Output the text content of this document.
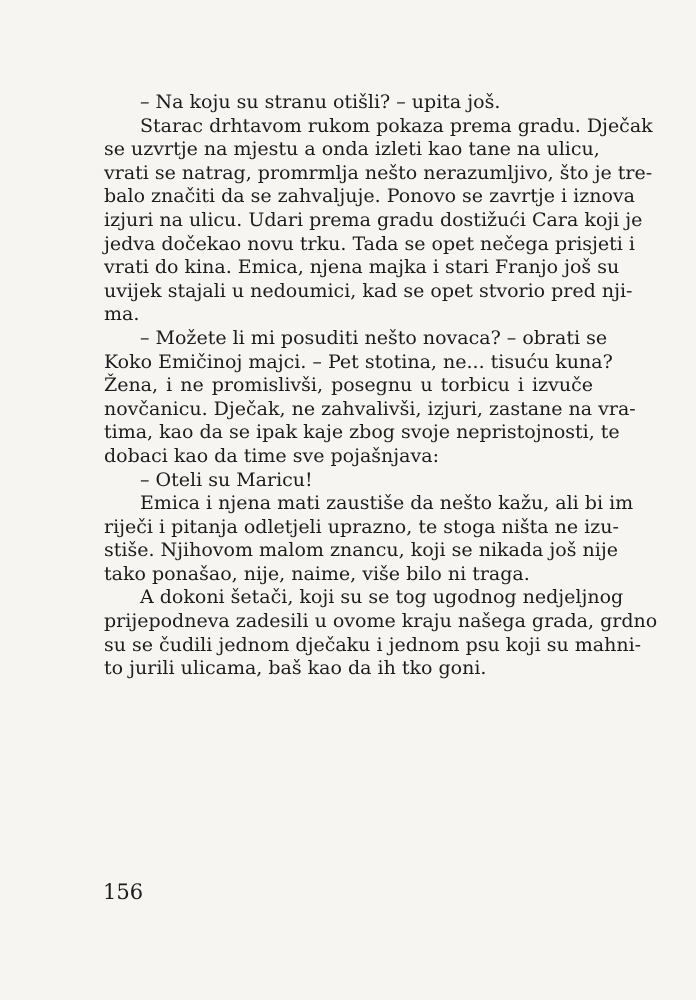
– Na koju su stranu otišli? – upita još.
Starac drhtavom rukom pokaza prema gradu. Dječak
se uzvrtje na mjestu a onda izleti kao tane na ulicu,
vrati se natrag, promrmlja nešto nerazumljivo, što je tre-
balo značiti da se zahvaljuje. Ponovo se zavrtje i iznova
izjuri na ulicu. Udari prema gradu dostižući Cara koji je
jedva dočekao novu trku. Tada se opet nečega prisjeti i
vrati do kina. Emica, njena majka i stari Franjo još su
uvijek stajali u nedoumici, kad se opet stvorio pred nji-
ma.
– Možete li mi posuditi nešto novaca? – obrati se
Koko Emičinoj majci. – Pet stotina, ne... tisuću kuna?
Žena, i ne promislivši, posegnu u torbicu i izvuče
novčanicu. Dječak, ne zahvalivši, izjuri, zastane na vra-
tima, kao da se ipak kaje zbog svoje nepristojnosti, te
dobaci kao da time sve pojašnjava:
– Oteli su Maricu!
Emica i njena mati zaustiše da nešto kažu, ali bi im
riječi i pitanja odletjeli uprazno, te stoga ništa ne izu-
stiše. Njihovom malom znancu, koji se nikada još nije
tako ponašao, nije, naime, više bilo ni traga.
A dokoni šetači, koji su se tog ugodnog nedjeljnog
prijepodneva zadesili u ovome kraju našega grada, grdno
su se čudili jednom dječaku i jednom psu koji su mahni-
to jurili ulicama, baš kao da ih tko goni.
156
